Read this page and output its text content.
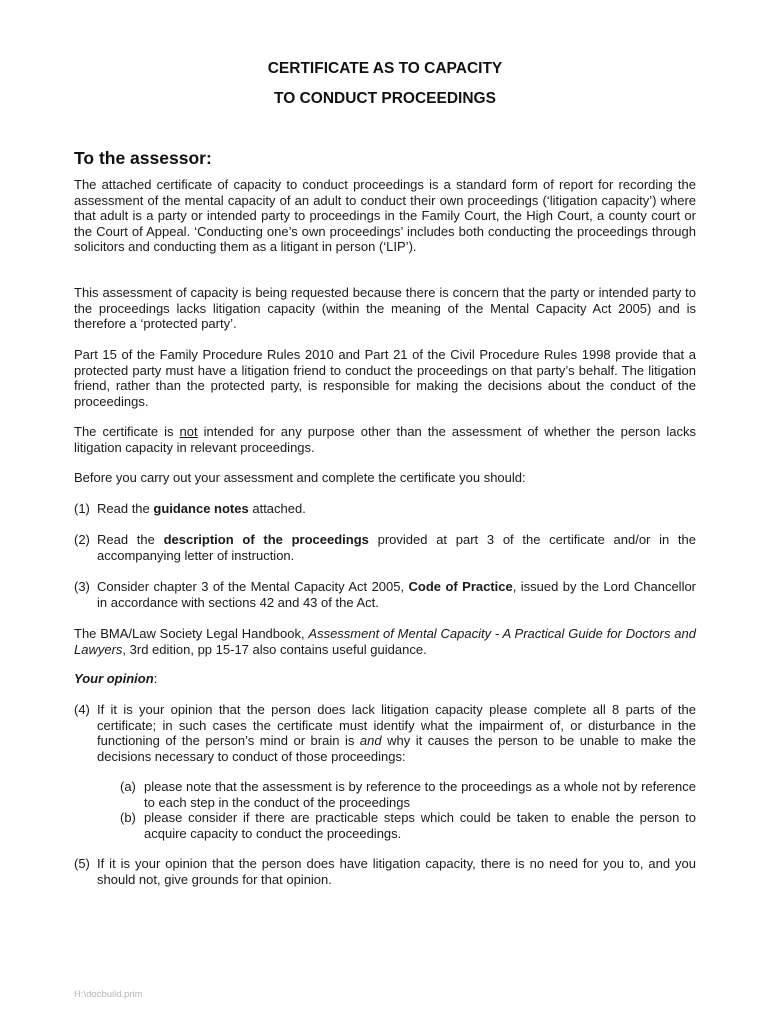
CERTIFICATE AS TO CAPACITY
TO CONDUCT PROCEEDINGS
To the assessor:
The attached certificate of capacity to conduct proceedings is a standard form of report for recording the assessment of the mental capacity of an adult to conduct their own proceedings (‘litigation capacity’) where that adult is a party or intended party to proceedings in the Family Court, the High Court, a county court or the Court of Appeal. ‘Conducting one’s own proceedings’ includes both conducting the proceedings through solicitors and conducting them as a litigant in person (‘LIP’).
This assessment of capacity is being requested because there is concern that the party or intended party to the proceedings lacks litigation capacity (within the meaning of the Mental Capacity Act 2005) and is therefore a ‘protected party’.
Part 15 of the Family Procedure Rules 2010 and Part 21 of the Civil Procedure Rules 1998 provide that a protected party must have a litigation friend to conduct the proceedings on that party’s behalf. The litigation friend, rather than the protected party, is responsible for making the decisions about the conduct of the proceedings.
The certificate is not intended for any purpose other than the assessment of whether the person lacks litigation capacity in relevant proceedings.
Before you carry out your assessment and complete the certificate you should:
(1) Read the guidance notes attached.
(2) Read the description of the proceedings provided at part 3 of the certificate and/or in the accompanying letter of instruction.
(3) Consider chapter 3 of the Mental Capacity Act 2005, Code of Practice, issued by the Lord Chancellor in accordance with sections 42 and 43 of the Act.
The BMA/Law Society Legal Handbook, Assessment of Mental Capacity - A Practical Guide for Doctors and Lawyers, 3rd edition, pp 15-17 also contains useful guidance.
Your opinion:
(4) If it is your opinion that the person does lack litigation capacity please complete all 8 parts of the certificate; in such cases the certificate must identify what the impairment of, or disturbance in the functioning of the person’s mind or brain is and why it causes the person to be unable to make the decisions necessary to conduct of those proceedings:
(a) please note that the assessment is by reference to the proceedings as a whole not by reference to each step in the conduct of the proceedings
(b) please consider if there are practicable steps which could be taken to enable the person to acquire capacity to conduct the proceedings.
(5) If it is your opinion that the person does have litigation capacity, there is no need for you to, and you should not, give grounds for that opinion.
H:\docbuild.prim
